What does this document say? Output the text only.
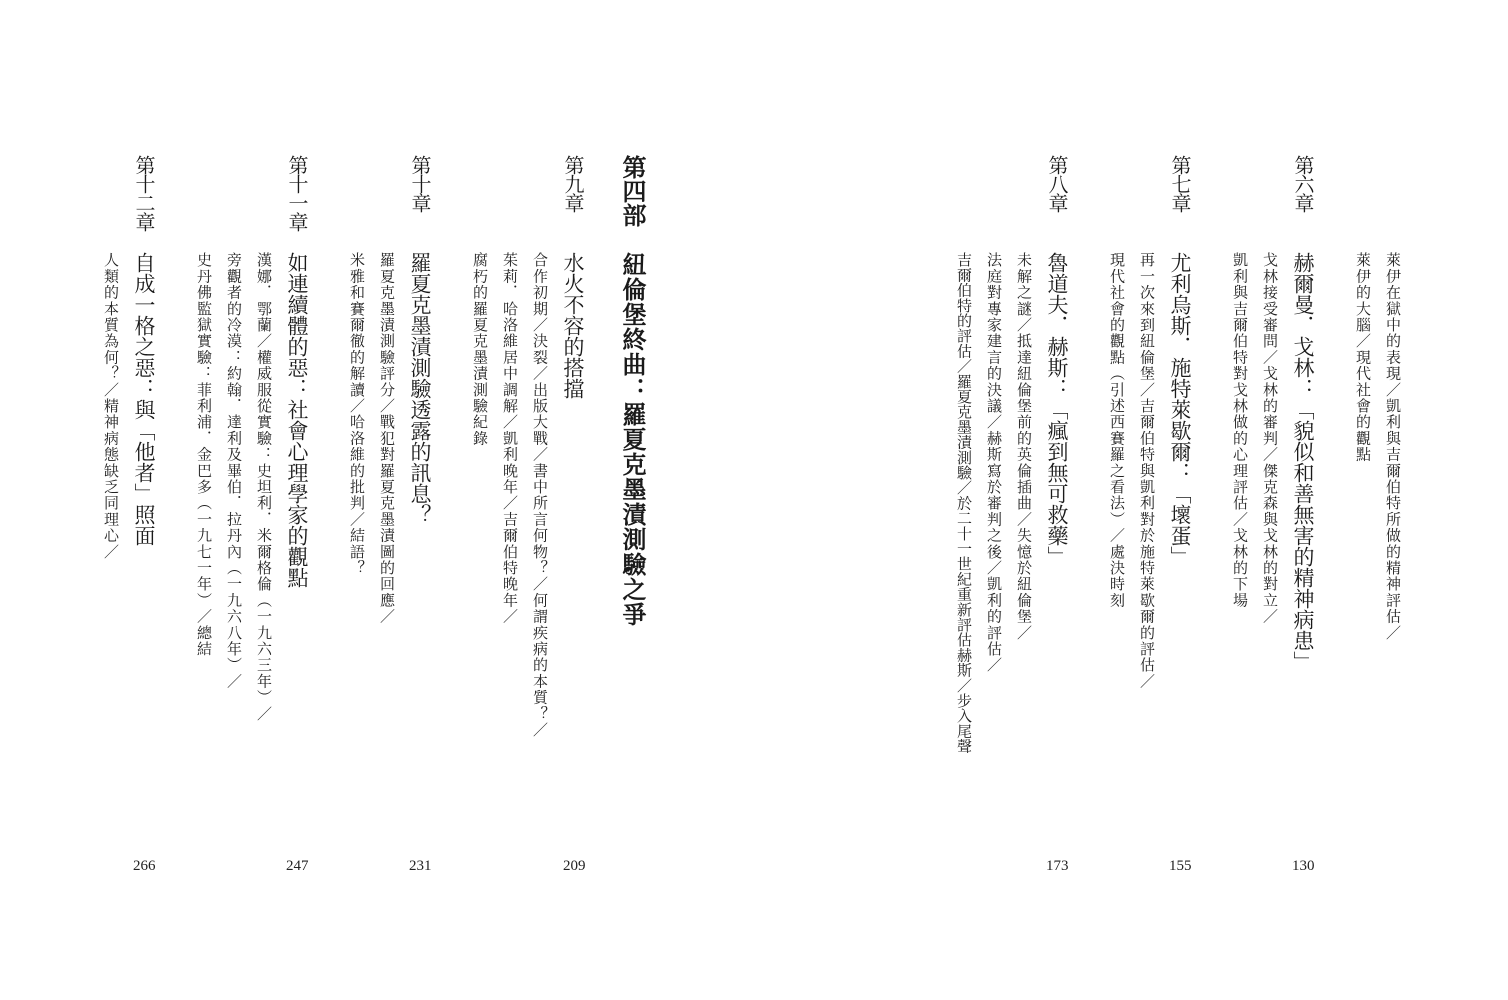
萊伊在獄中的表現／凱利與吉爾伯特所做的精神評估／
萊伊的大腦／現代社會的觀點
第六章
赫爾曼．戈林：「貌似和善無害的精神病患」
戈林接受審問／戈林的審判／傑克森與戈林的對立／
凱利與吉爾伯特對戈林做的心理評估／戈林的下場
130
第七章
尤利烏斯．施特萊歇爾：「壞蛋」
再一次來到紐倫堡／吉爾伯特與凱利對於施特萊歇爾的評估／
現代社會的觀點（引述西賽羅之看法）／處決時刻
155
第八章
魯道夫．赫斯：「瘋到無可救藥」
未解之謎／抵達紐倫堡前的英倫插曲／失憶於紐倫堡／
法庭對專家建言的決議／赫斯寫於審判之後／凱利的評估／
吉爾伯特的評估／羅夏克墨漬測驗／於二十一世紀重新評估赫斯／步入尾聲
173
第四部
紐倫堡終曲：羅夏克墨漬測驗之爭
第九章
水火不容的搭擋
合作初期／決裂／出版大戰／書中所言何物？／何謂疾病的本質？／
茱莉．哈洛維居中調解／凱利晚年／吉爾伯特晚年／
腐朽的羅夏克墨漬測驗紀錄
209
第十章
羅夏克墨漬測驗透露的訊息？
羅夏克墨漬測驗評分／戰犯對羅夏克墨漬圖的回應／
米雅和賽爾徹的解讀／哈洛維的批判／結語？
231
第十一章
如連續體的惡：社會心理學家的觀點
漢娜．鄂蘭／權威服從實驗：史坦利．米爾格倫（一九六三年）／
旁觀者的冷漠：約翰．達利及畢伯．拉丹內（一九六八年）／
史丹佛監獄實驗：菲利浦．金巴多（一九七一年）／總結
247
第十二章
自成一格之惡：與「他者」照面
人類的本質為何？／精神病態缺乏同理心／
266
